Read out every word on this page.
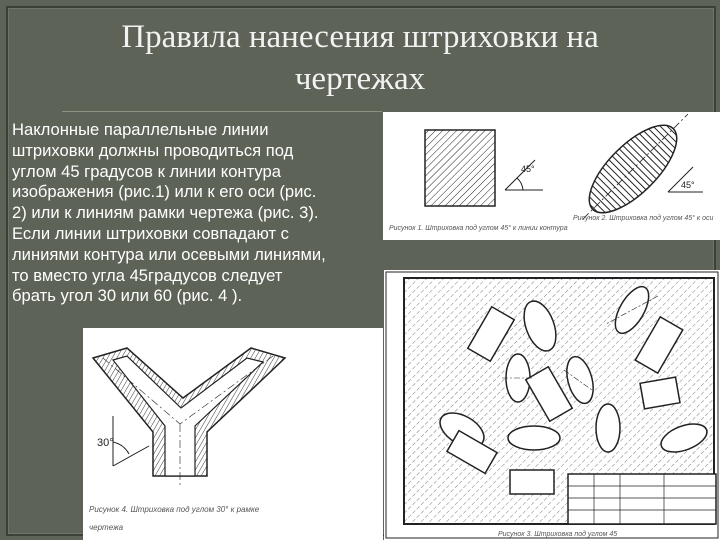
Правила нанесения штриховки на
чертежах
Наклонные параллельные линии
штриховки должны проводиться под
углом 45 градусов к линии контура
изображения (рис.1) или к его оси (рис.
2) или к линиям рамки чертежа (рис. 3).
Если линии штриховки совпадают с
линиями контура или осевыми линиями,
то вместо угла 45градусов следует
брать угол 30 или 60 (рис. 4 ).
45°
45°
Рисунок 1. Штриховка под углом 45° к линии контура
Рисунок 2. Штриховка под углом 45° к оси
Рисунок 3. Штриховка под углом 45
30°
Рисунок 4. Штриховка под углом 30° к рамке
чертежа
